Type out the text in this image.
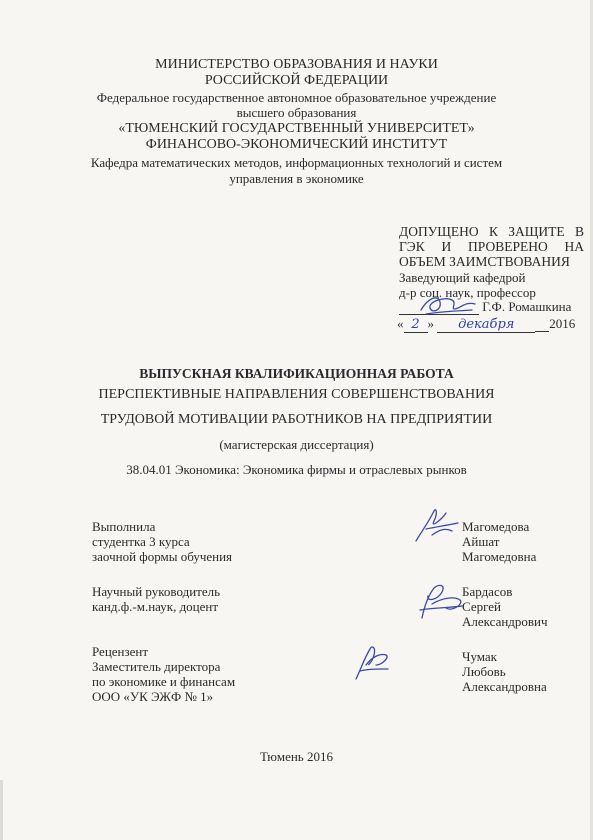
МИНИСТЕРСТВО ОБРАЗОВАНИЯ И НАУКИ
РОССИЙСКОЙ ФЕДЕРАЦИИ
Федеральное государственное автономное образовательное учреждение
высшего образования
«ТЮМЕНСКИЙ ГОСУДАРСТВЕННЫЙ УНИВЕРСИТЕТ»
ФИНАНСОВО-ЭКОНОМИЧЕСКИЙ ИНСТИТУТ
Кафедра математических методов, информационных технологий и систем
управления в экономике
ДОПУЩЕНО К ЗАЩИТЕ В
ГЭК И ПРОВЕРЕНО НА
ОБЪЕМ ЗАИМСТВОВАНИЯ
Заведующий кафедрой
д-р соц. наук, профессор
Г.Ф. Ромашкина
« 2 » декабря	2016
ВЫПУСКНАЯ КВАЛИФИКАЦИОННАЯ РАБОТА
ПЕРСПЕКТИВНЫЕ НАПРАВЛЕНИЯ СОВЕРШЕНСТВОВАНИЯ
ТРУДОВОЙ МОТИВАЦИИ РАБОТНИКОВ НА ПРЕДПРИЯТИИ
(магистерская диссертация)
38.04.01 Экономика: Экономика фирмы и отраслевых рынков
Выполнила
студентка 3 курса
заочной формы обучения
Магомедова
Айшат
Магомедовна
Научный руководитель
канд.ф.-м.наук, доцент
Бардасов
Сергей
Александрович
Рецензент
Заместитель директора
по экономике и финансам
ООО «УК ЭЖФ № 1»
Чумак
Любовь
Александровна
Тюмень 2016
